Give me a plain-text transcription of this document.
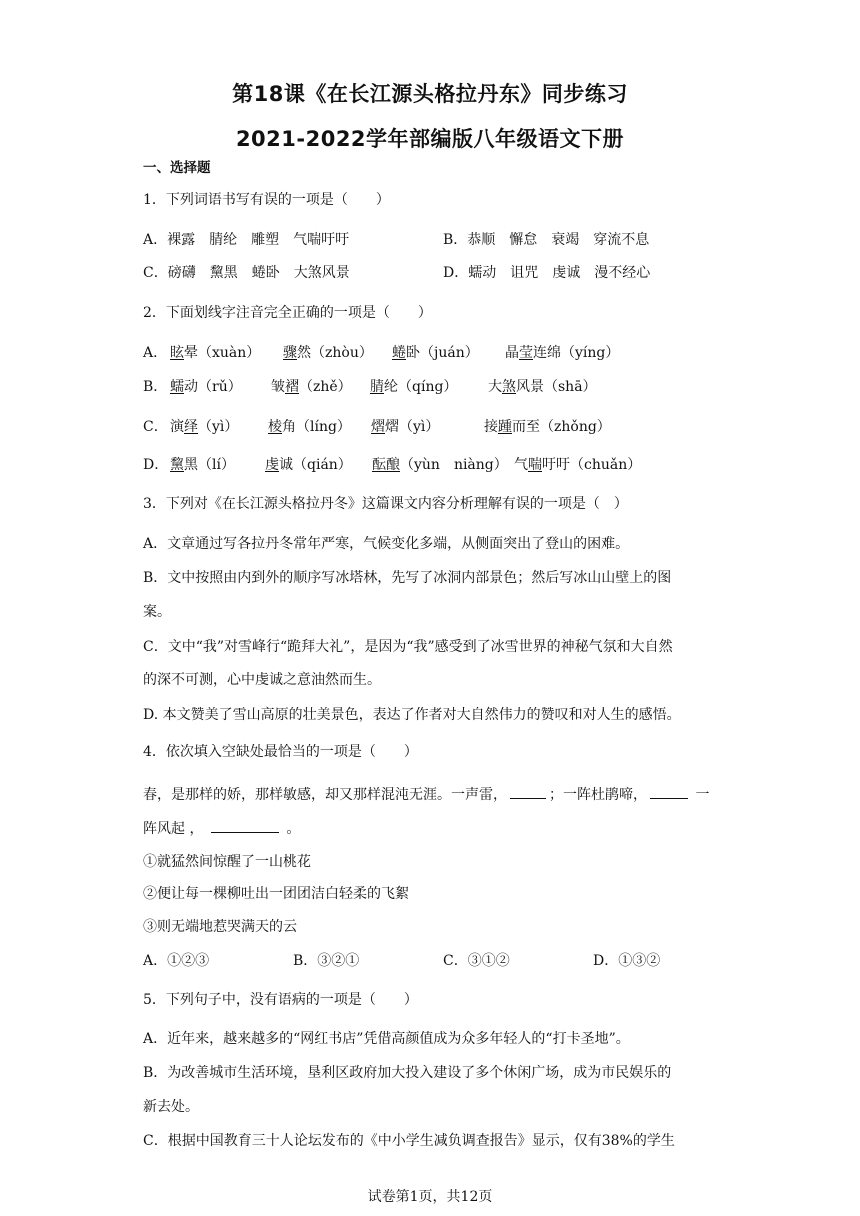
第18课《在长江源头格拉丹东》同步练习
2021-2022学年部编版八年级语文下册
一、选择题
1．下列词语书写有误的一项是（　　）
A．裸露　腈纶　雕塑　气喘吁吁	B．恭顺　懈怠　衰竭　穿流不息
C．磅礴　黧黑　蜷卧　大煞风景	D．蠕动　诅咒　虔诚　漫不经心
2．下面划线字注音完全正确的一项是（　　）
A． 眩晕（xuàn） 骤然（zhòu） 蜷卧（juán） 晶莹连绵（yíng）
B． 蠕动（rǔ） 皱褶（zhě） 腈纶（qíng） 大煞风景（shā）
C． 演绎（yì） 棱角（líng） 熠熠（yì）	接踵而至（zhǒng）
D． 黧黑（lí） 虔诚（qián） 酝酿（yùn　niàng） 气喘吁吁（chuǎn）
3．下列对《在长江源头格拉丹冬》这篇课文内容分析理解有误的一项是（　）
A．文章通过写各拉丹冬常年严寒，气候变化多端，从侧面突出了登山的困难。
B．文中按照由内到外的顺序写冰塔林，先写了冰洞内部景色；然后写冰山山壁上的图
案。
C．文中“我”对雪峰行“跪拜大礼”，是因为“我”感受到了冰雪世界的神秘气氛和大自然
的深不可测，心中虔诚之意油然而生。
D. 本文赞美了雪山高原的壮美景色，表达了作者对大自然伟力的赞叹和对人生的感悟。
4．依次填入空缺处最恰当的一项是（　　）
春，是那样的娇，那样敏感，却又那样混沌无涯。一声雷，	；一阵杜鹃啼，	一
阵风起 ，	。
①就猛然间惊醒了一山桃花
②便让每一棵柳吐出一团团洁白轻柔的飞絮
③则无端地惹哭满天的云
A．①②③	B．③②①	C．③①②	D．①③②
5．下列句子中，没有语病的一项是（　　）
A．近年来，越来越多的“网红书店”凭借高颜值成为众多年轻人的“打卡圣地”。
B．为改善城市生活环境，垦利区政府加大投入建设了多个休闲广场，成为市民娱乐的
新去处。
C．根据中国教育三十人论坛发布的《中小学生减负调查报告》显示，仅有38%的学生
试卷第1页，共12页
